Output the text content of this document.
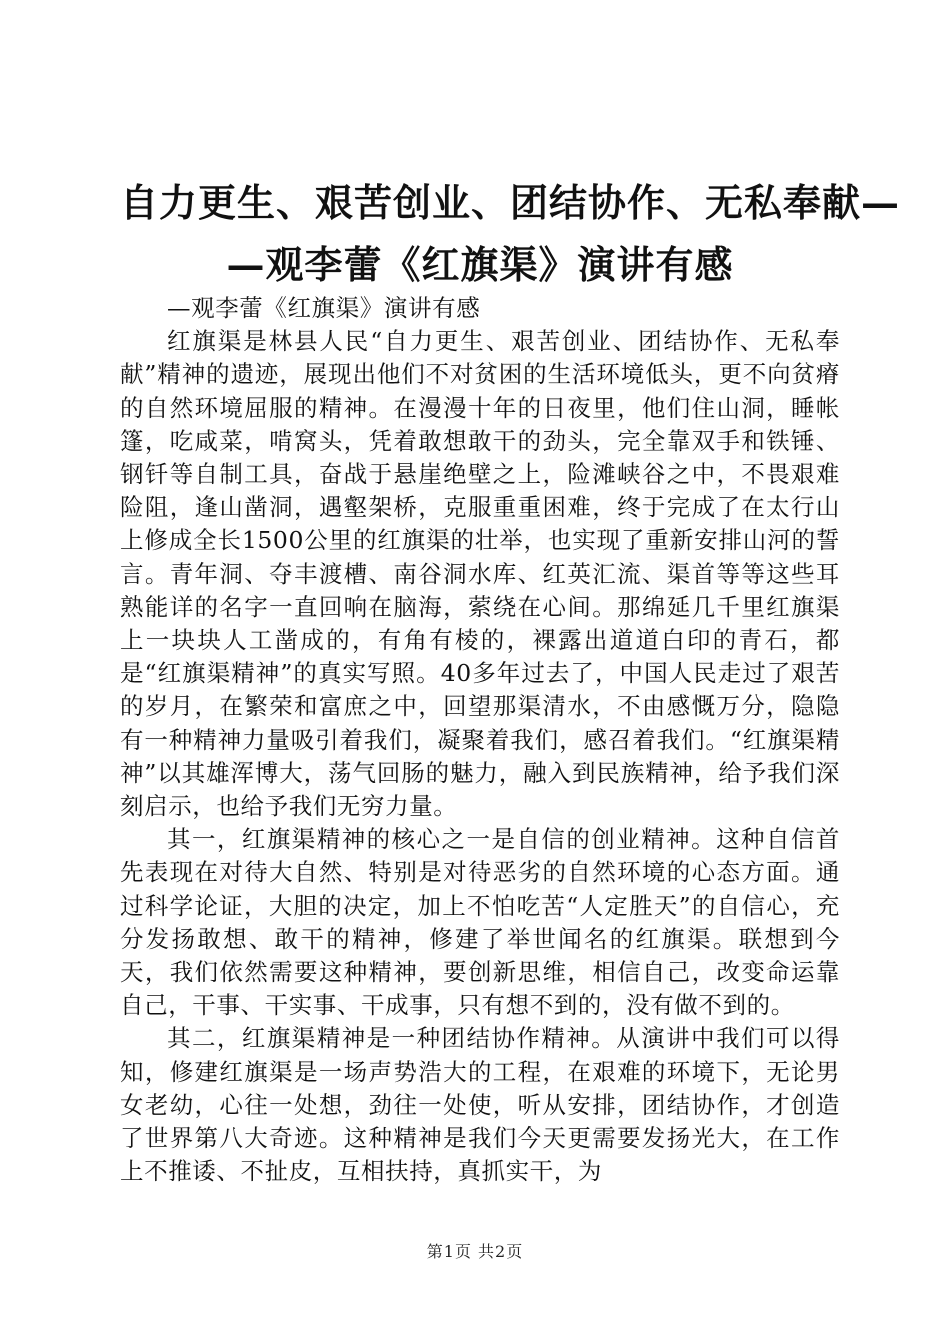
自力更生、艰苦创业、团结协作、无私奉献—
—观李蕾《红旗渠》演讲有感

—观李蕾《红旗渠》演讲有感

红旗渠是林县人民“自力更生、艰苦创业、团结协作、无私奉献”精神的遗迹，展现出他们不对贫困的生活环境低头，更不向贫瘠的自然环境屈服的精神。在漫漫十年的日夜里，他们住山洞，睡帐篷，吃咸菜，啃窝头，凭着敢想敢干的劲头，完全靠双手和铁锤、钢钎等自制工具，奋战于悬崖绝壁之上，险滩峡谷之中，不畏艰难险阻，逢山凿洞，遇壑架桥，克服重重困难，终于完成了在太行山上修成全长1500公里的红旗渠的壮举，也实现了重新安排山河的誓言。青年洞、夺丰渡槽、南谷洞水库、红英汇流、渠首等等这些耳熟能详的名字一直回响在脑海，萦绕在心间。那绵延几千里红旗渠上一块块人工凿成的，有角有棱的，裸露出道道白印的青石，都是“红旗渠精神”的真实写照。40多年过去了，中国人民走过了艰苦的岁月，在繁荣和富庶之中，回望那渠清水，不由感慨万分，隐隐有一种精神力量吸引着我们，凝聚着我们，感召着我们。“红旗渠精神”以其雄浑博大，荡气回肠的魅力，融入到民族精神，给予我们深刻启示，也给予我们无穷力量。

其一，红旗渠精神的核心之一是自信的创业精神。这种自信首先表现在对待大自然、特别是对待恶劣的自然环境的心态方面。通过科学论证，大胆的决定，加上不怕吃苦“人定胜天”的自信心，充分发扬敢想、敢干的精神，修建了举世闻名的红旗渠。联想到今天，我们依然需要这种精神，要创新思维，相信自己，改变命运靠自己，干事、干实事、干成事，只有想不到的，没有做不到的。

其二，红旗渠精神是一种团结协作精神。从演讲中我们可以得知，修建红旗渠是一场声势浩大的工程，在艰难的环境下，无论男女老幼，心往一处想，劲往一处使，听从安排，团结协作，才创造了世界第八大奇迹。这种精神是我们今天更需要发扬光大，在工作上不推诿、不扯皮，互相扶持，真抓实干，为

第1页 共2页
